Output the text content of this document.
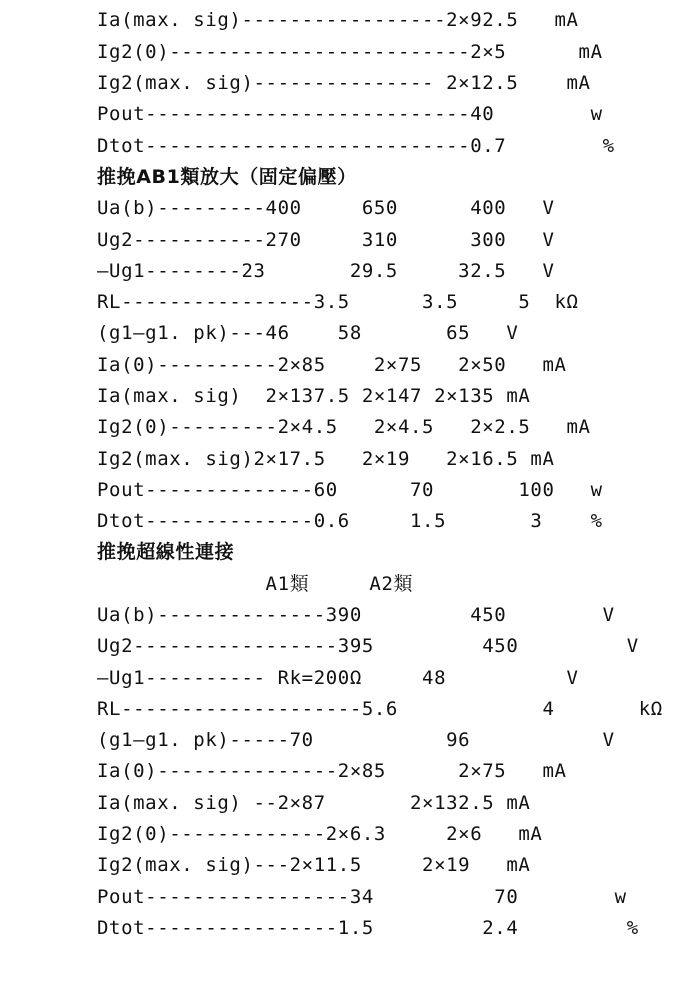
Ia(max. sig)-----------------2×92.5   mA
Ig2(0)-------------------------2×5      mA
Ig2(max. sig)--------------- 2×12.5    mA
Pout---------------------------40        w
Dtot---------------------------0.7        %
推挽AB1類放大（固定偏壓）
Ua(b)---------400     650      400   V
Ug2-----------270     310      300   V
—Ug1--------23       29.5     32.5   V
RL----------------3.5      3.5     5  kΩ
(g1—g1. pk)---46    58       65   V
Ia(0)----------2×85    2×75   2×50   mA
Ia(max. sig)  2×137.5 2×147 2×135 mA
Ig2(0)---------2×4.5   2×4.5   2×2.5   mA
Ig2(max. sig)2×17.5   2×19   2×16.5 mA
Pout--------------60      70       100   w
Dtot--------------0.6     1.5       3    %
推挽超線性連接
A1類     A2類
Ua(b)--------------390         450        V
Ug2-----------------395         450         V
—Ug1---------- Rk=200Ω     48          V
RL--------------------5.6            4       kΩ
(g1—g1. pk)-----70           96           V
Ia(0)---------------2×85      2×75   mA
Ia(max. sig) --2×87       2×132.5 mA
Ig2(0)-------------2×6.3     2×6   mA
Ig2(max. sig)---2×11.5     2×19   mA
Pout-----------------34          70        w
Dtot----------------1.5         2.4         %
